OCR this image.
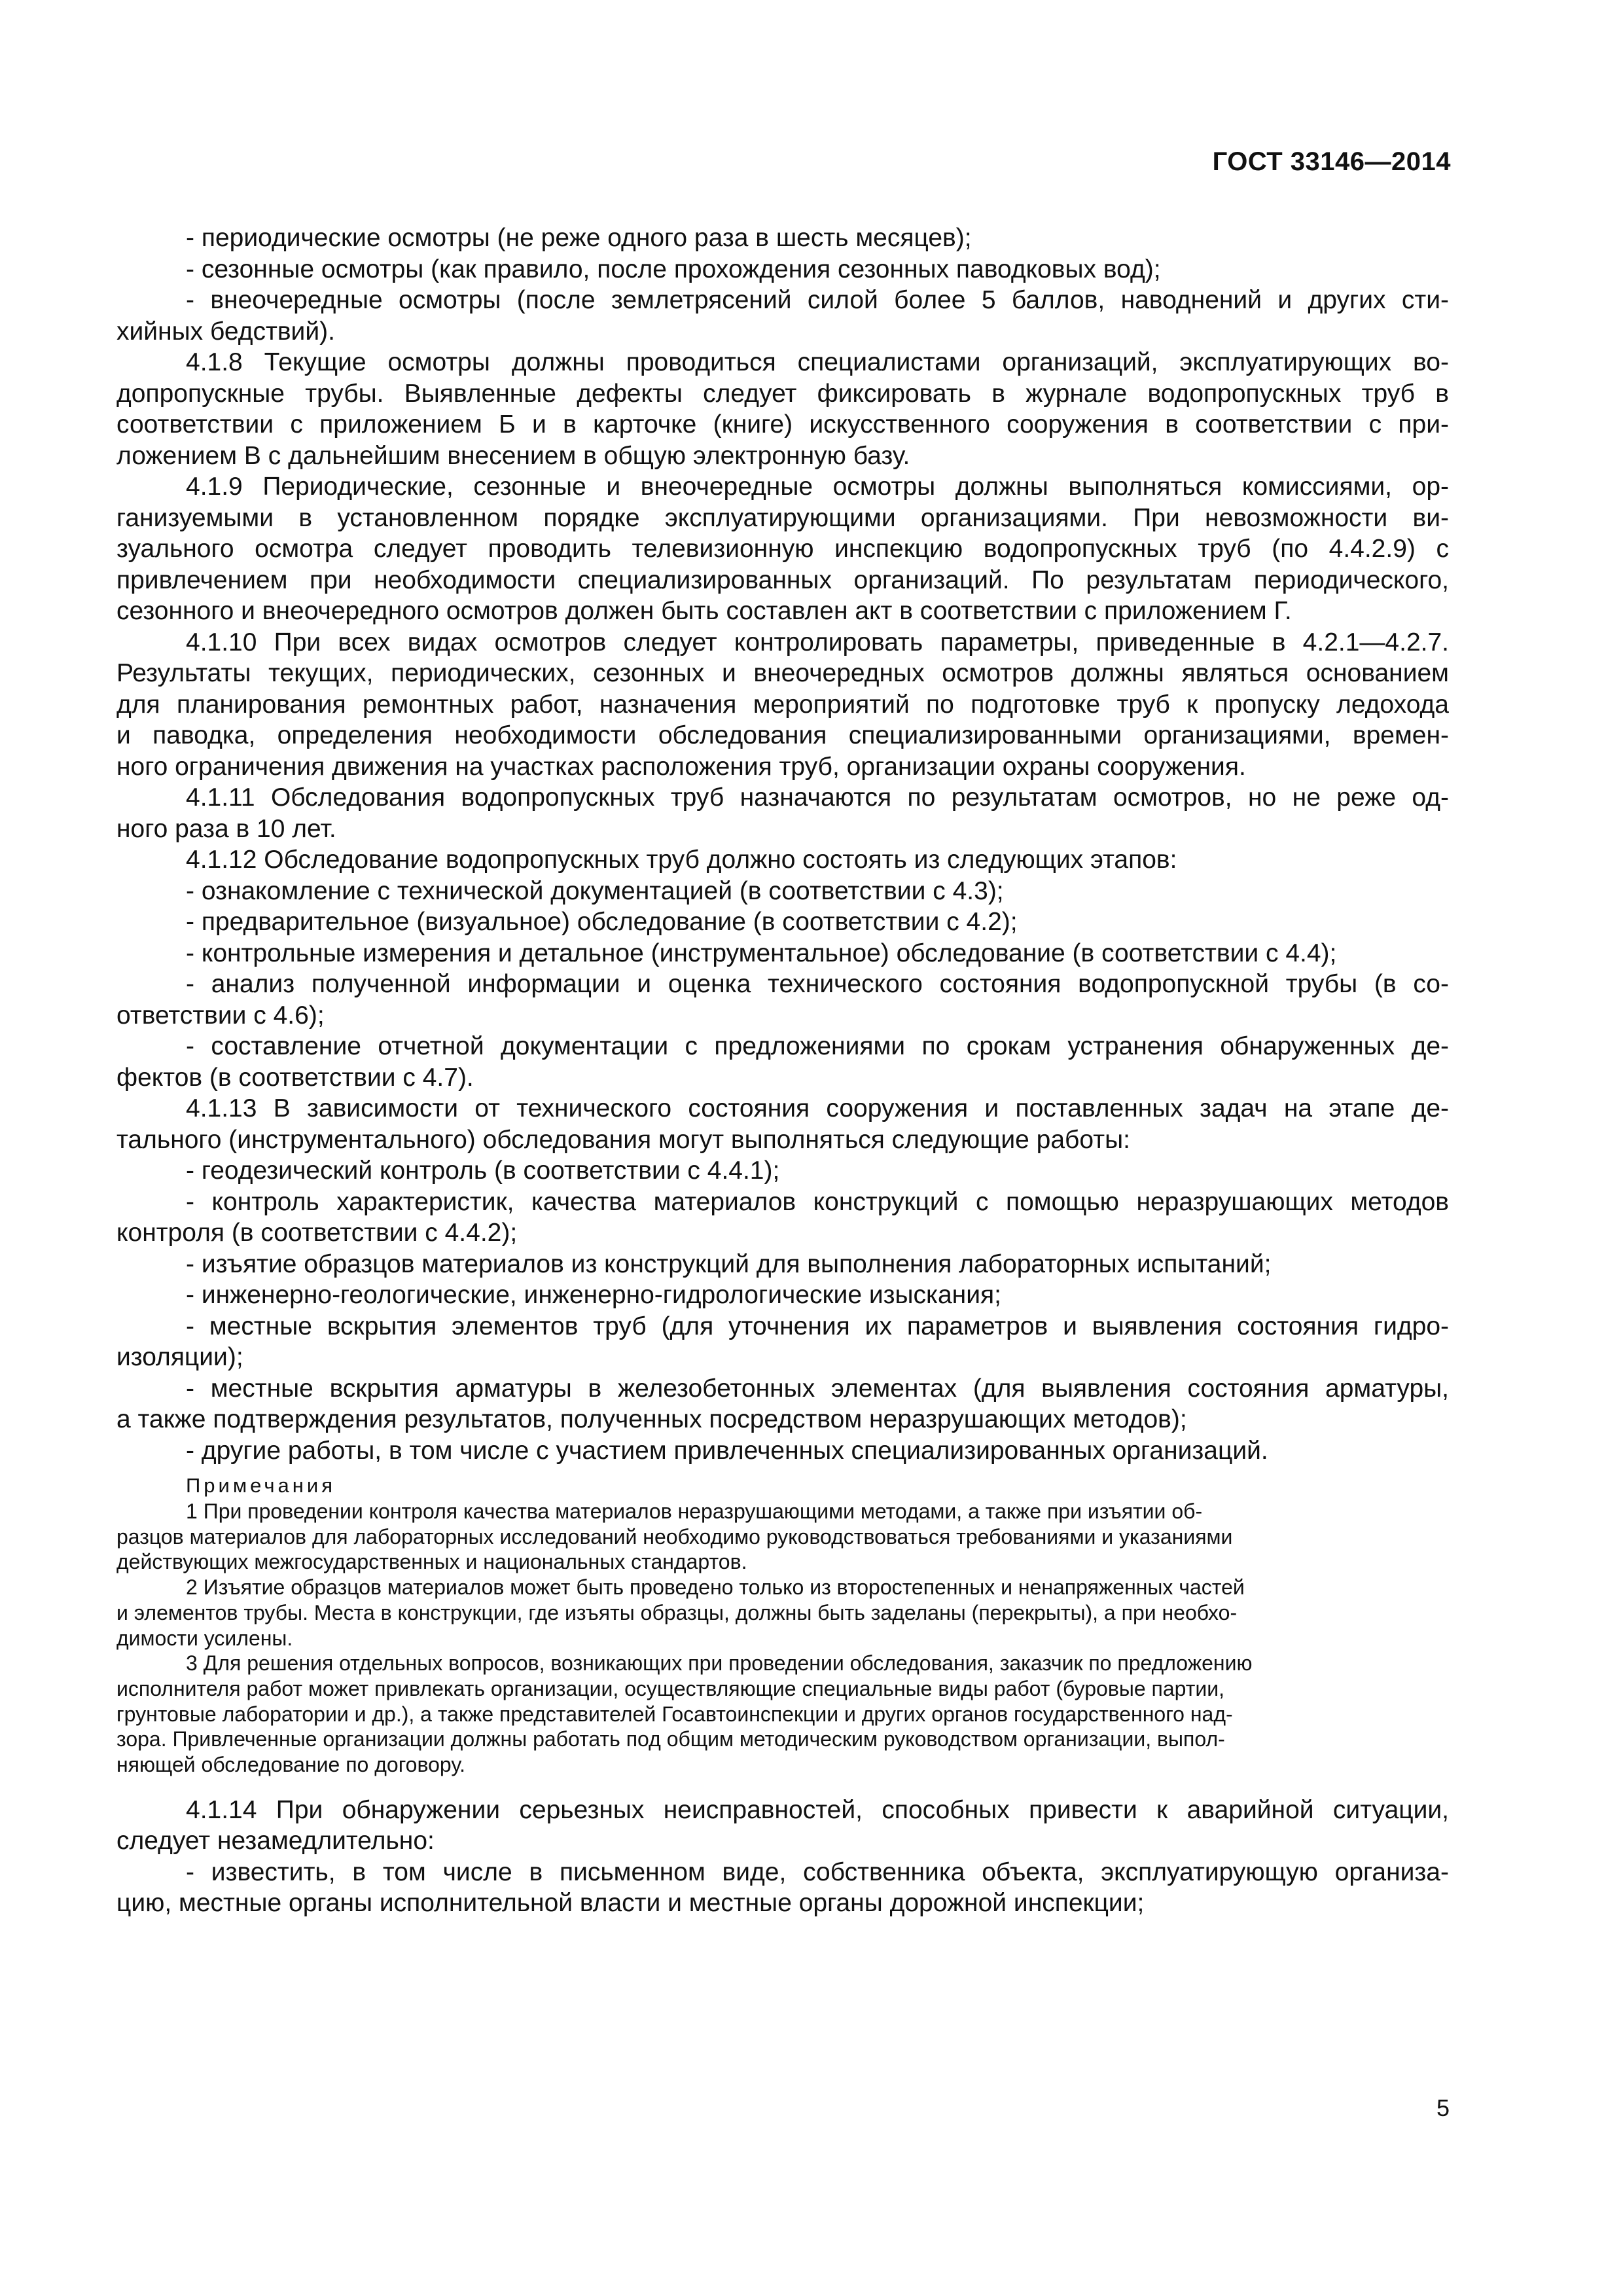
ГОСТ 33146—2014
- периодические осмотры (не реже одного раза в шесть месяцев);
- сезонные осмотры (как правило, после прохождения сезонных паводковых вод);
- внеочередные осмотры (после землетрясений силой более 5 баллов, наводнений и других сти-
хийных бедствий).
4.1.8 Текущие осмотры должны проводиться специалистами организаций, эксплуатирующих во-
допропускные трубы. Выявленные дефекты следует фиксировать в журнале водопропускных труб в
соответствии с приложением Б и в карточке (книге) искусственного сооружения в соответствии с при-
ложением В с дальнейшим внесением в общую электронную базу.
4.1.9 Периодические, сезонные и внеочередные осмотры должны выполняться комиссиями, ор-
ганизуемыми в установленном порядке эксплуатирующими организациями. При невозможности ви-
зуального осмотра следует проводить телевизионную инспекцию водопропускных труб (по 4.4.2.9) с
привлечением при необходимости специализированных организаций. По результатам периодического,
сезонного и внеочередного осмотров должен быть составлен акт в соответствии с приложением Г.
4.1.10 При всех видах осмотров следует контролировать параметры, приведенные в 4.2.1—4.2.7.
Результаты текущих, периодических, сезонных и внеочередных осмотров должны являться основанием
для планирования ремонтных работ, назначения мероприятий по подготовке труб к пропуску ледохода
и паводка, определения необходимости обследования специализированными организациями, времен-
ного ограничения движения на участках расположения труб, организации охраны сооружения.
4.1.11 Обследования водопропускных труб назначаются по результатам осмотров, но не реже од-
ного раза в 10 лет.
4.1.12 Обследование водопропускных труб должно состоять из следующих этапов:
- ознакомление с технической документацией (в соответствии с 4.3);
- предварительное (визуальное) обследование (в соответствии с 4.2);
- контрольные измерения и детальное (инструментальное) обследование (в соответствии с 4.4);
- анализ полученной информации и оценка технического состояния водопропускной трубы (в со-
ответствии с 4.6);
- составление отчетной документации с предложениями по срокам устранения обнаруженных де-
фектов (в соответствии с 4.7).
4.1.13 В зависимости от технического состояния сооружения и поставленных задач на этапе де-
тального (инструментального) обследования могут выполняться следующие работы:
- геодезический контроль (в соответствии с 4.4.1);
- контроль характеристик, качества материалов конструкций с помощью неразрушающих методов
контроля (в соответствии с 4.4.2);
- изъятие образцов материалов из конструкций для выполнения лабораторных испытаний;
- инженерно-геологические, инженерно-гидрологические изыскания;
- местные вскрытия элементов труб (для уточнения их параметров и выявления состояния гидро-
изоляции);
- местные вскрытия арматуры в железобетонных элементах (для выявления состояния арматуры,
а также подтверждения результатов, полученных посредством неразрушающих методов);
- другие работы, в том числе с участием привлеченных специализированных организаций.
Примечания
1 При проведении контроля качества материалов неразрушающими методами, а также при изъятии об-
разцов материалов для лабораторных исследований необходимо руководствоваться требованиями и указаниями
действующих межгосударственных и национальных стандартов.
2 Изъятие образцов материалов может быть проведено только из второстепенных и ненапряженных частей
и элементов трубы. Места в конструкции, где изъяты образцы, должны быть заделаны (перекрыты), а при необхо-
димости усилены.
3 Для решения отдельных вопросов, возникающих при проведении обследования, заказчик по предложению
исполнителя работ может привлекать организации, осуществляющие специальные виды работ (буровые партии,
грунтовые лаборатории и др.), а также представителей Госавтоинспекции и других органов государственного над-
зора. Привлеченные организации должны работать под общим методическим руководством организации, выпол-
няющей обследование по договору.
4.1.14 При обнаружении серьезных неисправностей, способных привести к аварийной ситуации,
следует незамедлительно:
- известить, в том числе в письменном виде, собственника объекта, эксплуатирующую организа-
цию, местные органы исполнительной власти и местные органы дорожной инспекции;
5
